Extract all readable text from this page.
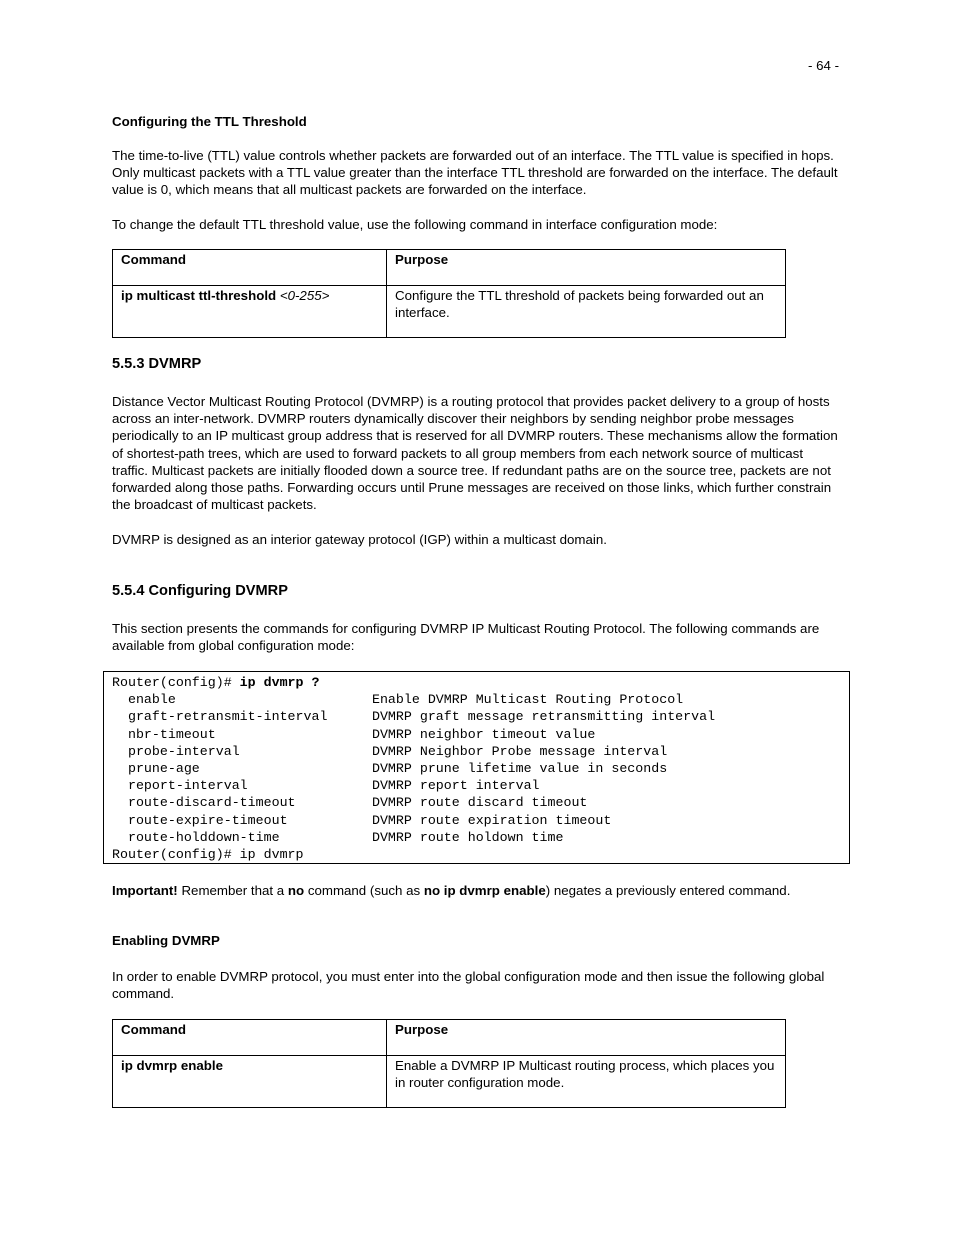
- 64 -
Configuring the TTL Threshold

The time-to-live (TTL) value controls whether packets are forwarded out of an interface. The TTL value is specified in hops. Only multicast packets with a TTL value greater than the interface TTL threshold are forwarded on the interface. The default value is 0, which means that all multicast packets are forwarded on the interface.

To change the default TTL threshold value, use the following command in interface configuration mode:

Command	Purpose
ip multicast ttl-threshold <0-255>	Configure the TTL threshold of packets being forwarded out an interface.
5.5.3 DVMRP

Distance Vector Multicast Routing Protocol (DVMRP) is a routing protocol that provides packet delivery to a group of hosts across an inter-network. DVMRP routers dynamically discover their neighbors by sending neighbor probe messages periodically to an IP multicast group address that is reserved for all DVMRP routers. These mechanisms allow the formation of shortest-path trees, which are used to forward packets to all group members from each network source of multicast traffic. Multicast packets are initially flooded down a source tree. If redundant paths are on the source tree, packets are not forwarded along those paths. Forwarding occurs until Prune messages are received on those links, which further constrain the broadcast of multicast packets.

DVMRP is designed as an interior gateway protocol (IGP) within a multicast domain.

5.5.4 Configuring DVMRP

This section presents the commands for configuring DVMRP IP Multicast Routing Protocol. The following commands are available from global configuration mode:

Router(config)# ip dvmrp ?
enable	Enable DVMRP Multicast Routing Protocol
graft-retransmit-interval	DVMRP graft message retransmitting interval
nbr-timeout	DVMRP neighbor timeout value
probe-interval	DVMRP Neighbor Probe message interval
prune-age	DVMRP prune lifetime value in seconds
report-interval	DVMRP report interval
route-discard-timeout	DVMRP route discard timeout
route-expire-timeout	DVMRP route expiration timeout
route-holddown-time	DVMRP route holdown time
Router(config)# ip dvmrp

Important! Remember that a no command (such as no ip dvmrp enable) negates a previously entered command.

Enabling DVMRP

In order to enable DVMRP protocol, you must enter into the global configuration mode and then issue the following global command.

Command	Purpose
ip dvmrp enable	Enable a DVMRP IP Multicast routing process, which places you in router configuration mode.
